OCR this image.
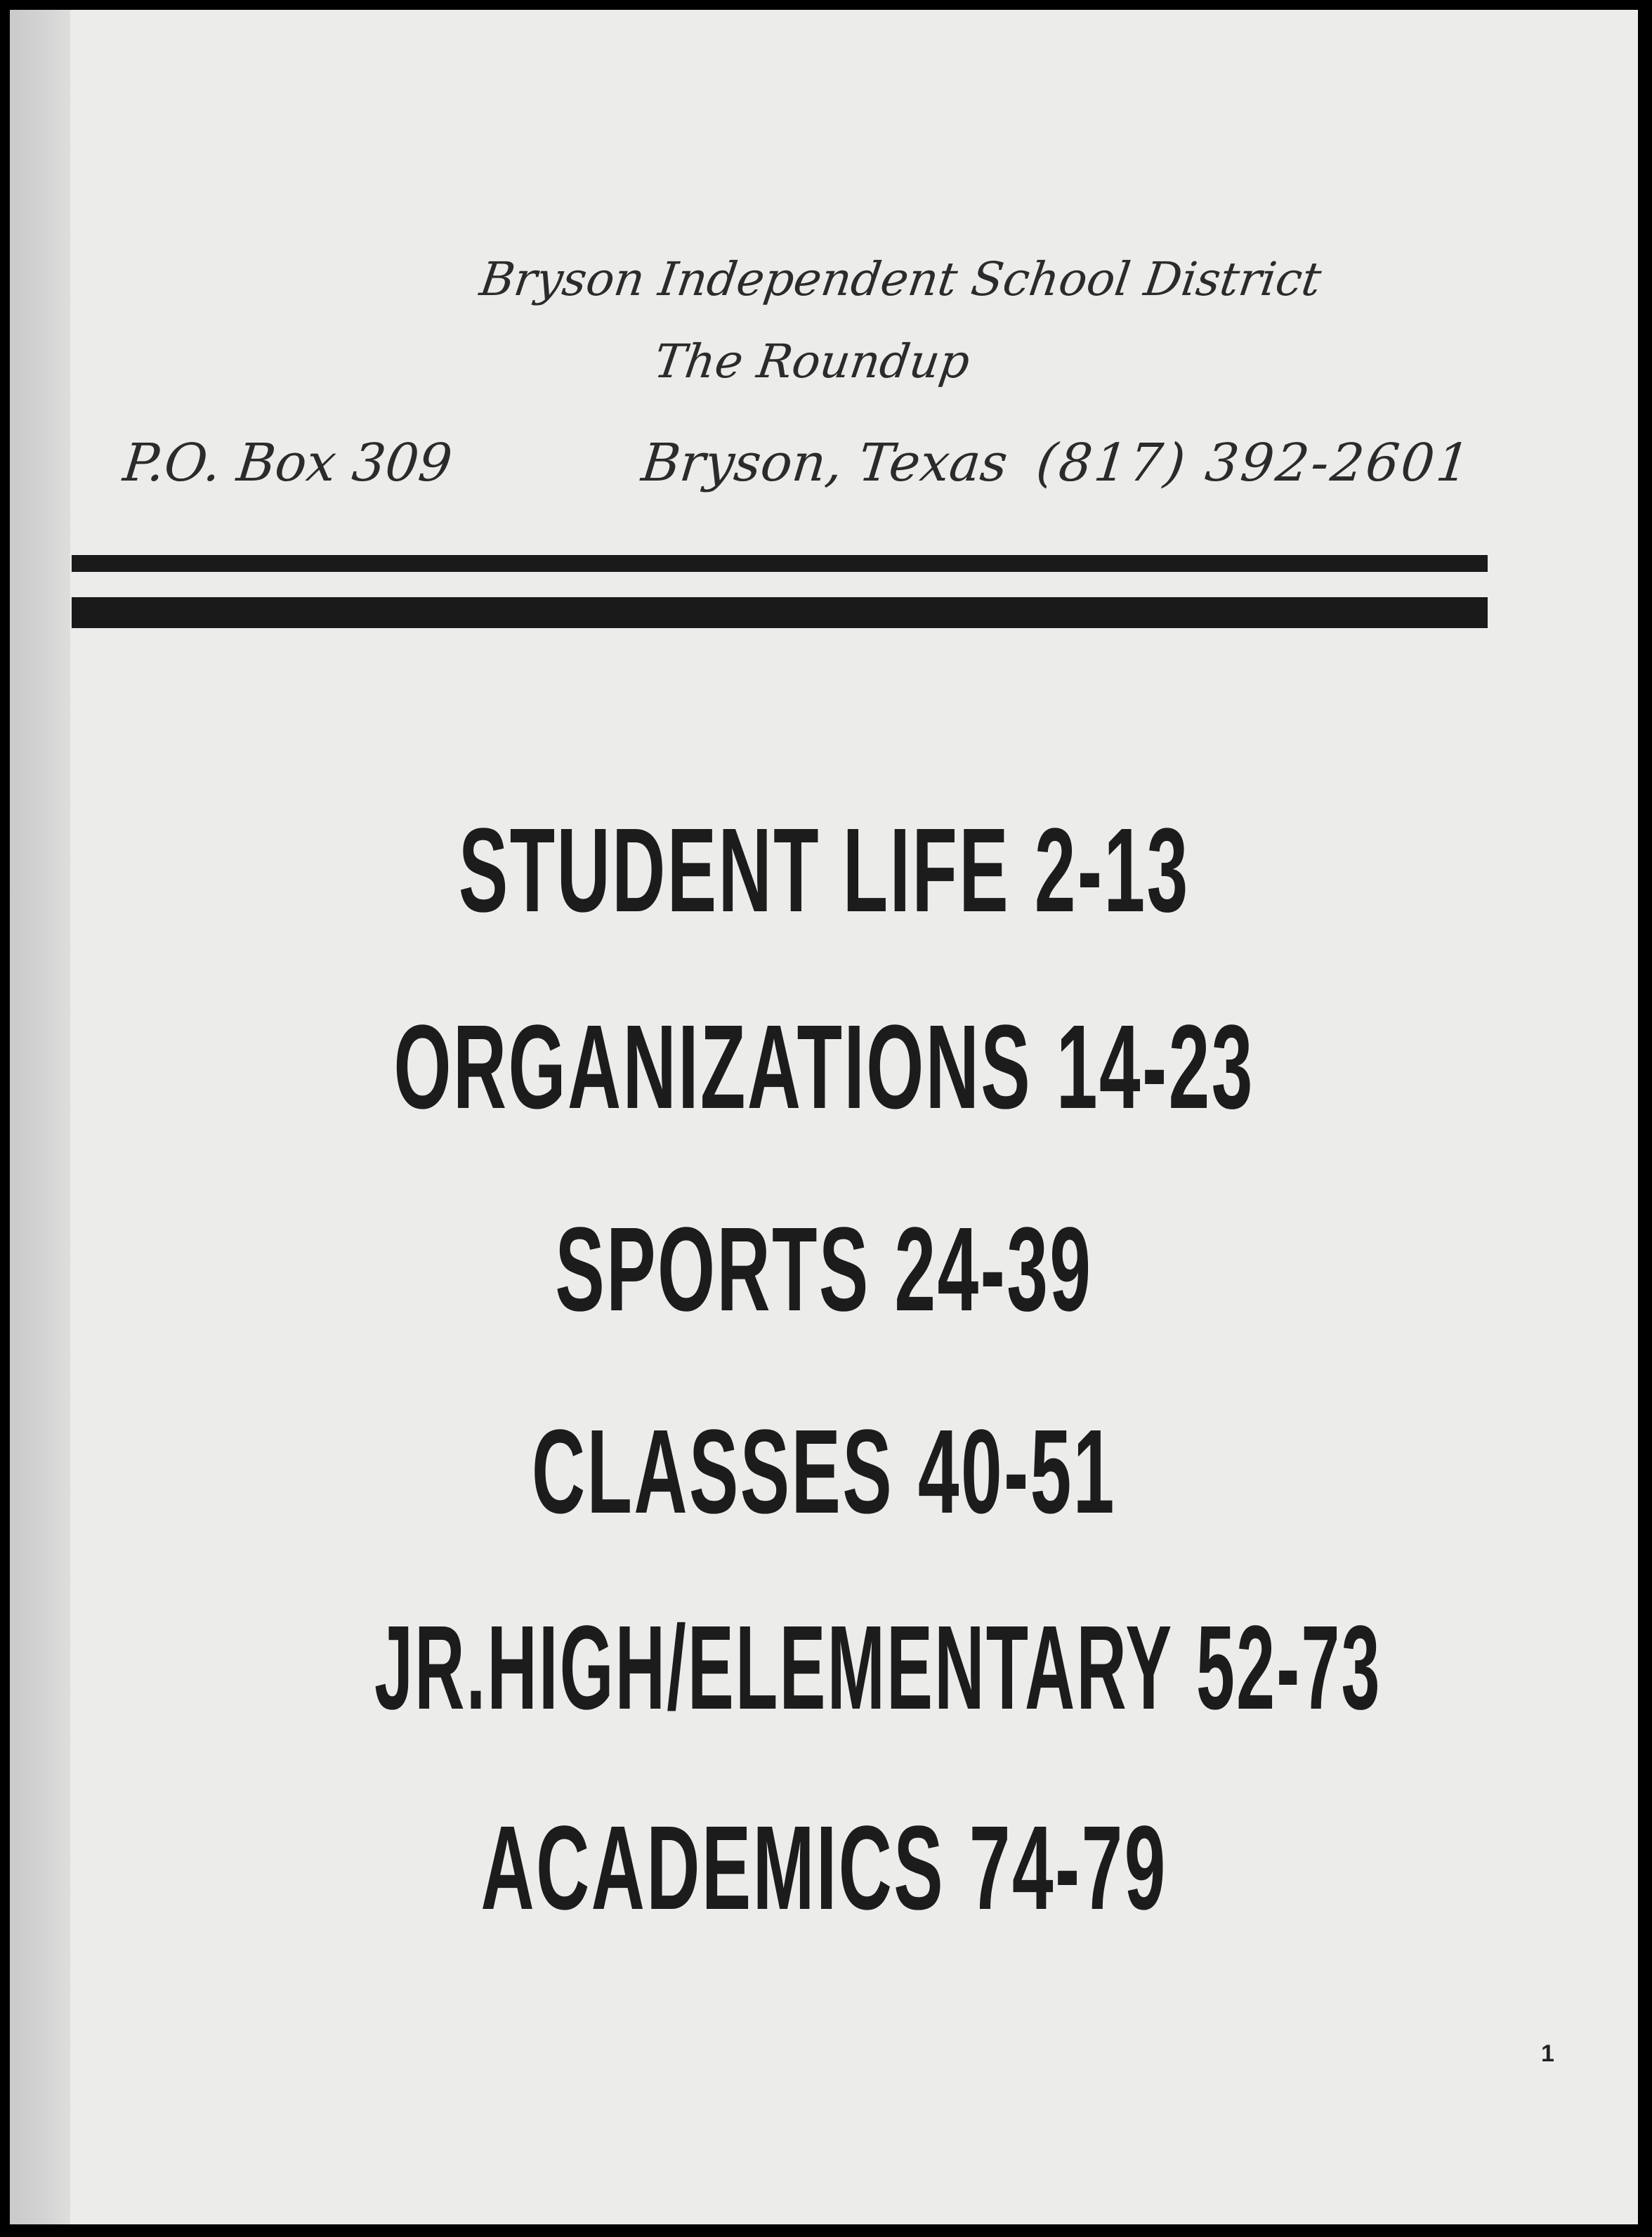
Bryson Independent School District
The Roundup
P.O. Box 309	Bryson, Texas (817) 392-2601
STUDENT LIFE 2-13
ORGANIZATIONS 14-23
SPORTS 24-39
CLASSES 40-51
JR.HIGH/ELEMENTARY 52-73
ACADEMICS 74-79
1
